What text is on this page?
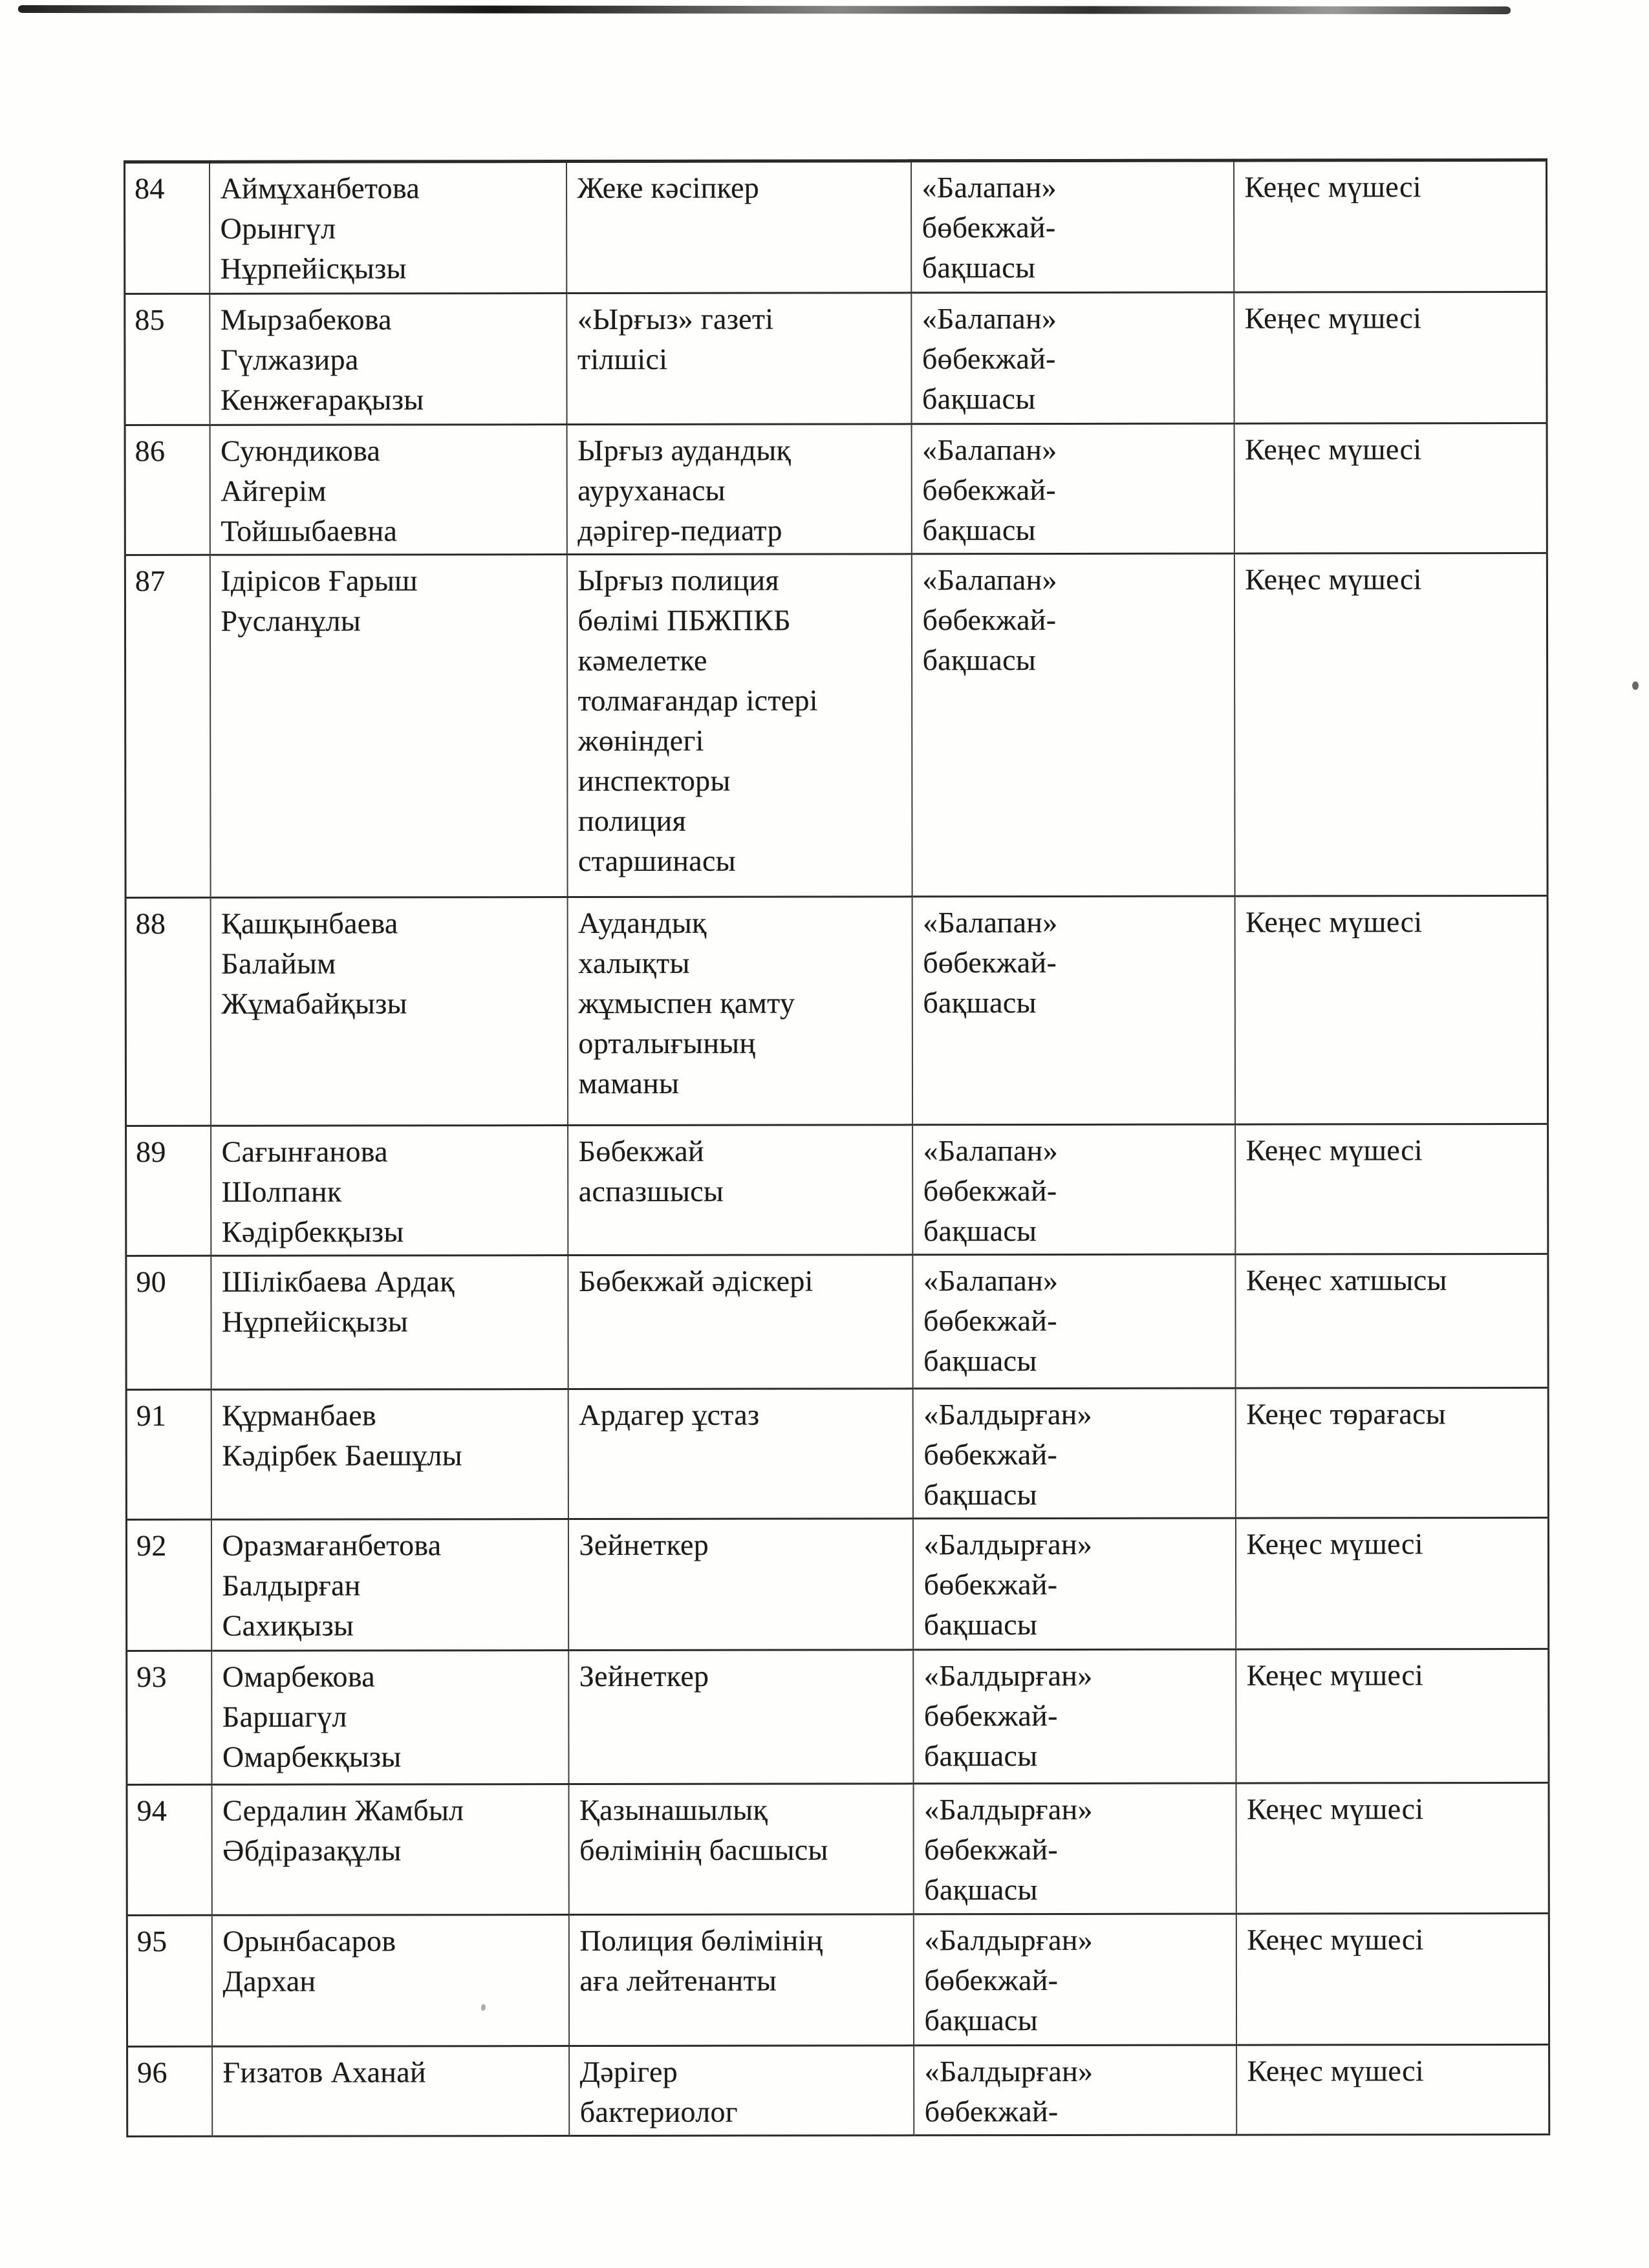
84	Аймұханбетова
Орынгүл
Нұрпейісқызы	Жеке кәсіпкер	«Балапан»
бөбекжай-
бақшасы	Кеңес мүшесі
85	Мырзабекова
Гүлжазира
Кенжеғарақызы	«Ырғыз» газеті
тілшісі	«Балапан»
бөбекжай-
бақшасы	Кеңес мүшесі
86	Суюндикова
Айгерім
Тойшыбаевна	Ырғыз аудандық
ауруханасы
дәрігер-педиатр	«Балапан»
бөбекжай-
бақшасы	Кеңес мүшесі
87	Ідірісов Ғарыш
Русланұлы	Ырғыз полиция
бөлімі ПБЖПКБ
кәмелетке
толмағандар істері
жөніндегі
инспекторы
полиция
старшинасы	«Балапан»
бөбекжай-
бақшасы	Кеңес мүшесі
88	Қашқынбаева
Балайым
Жұмабайқызы	Аудандық
халықты
жұмыспен қамту
орталығының
маманы	«Балапан»
бөбекжай-
бақшасы	Кеңес мүшесі
89	Сағынғанова
Шолпанк
Кәдірбекқызы	Бөбекжай
аспазшысы	«Балапан»
бөбекжай-
бақшасы	Кеңес мүшесі
90	Шілікбаева Ардақ
Нұрпейісқызы	Бөбекжай әдіскері	«Балапан»
бөбекжай-
бақшасы	Кеңес хатшысы
91	Құрманбаев
Кәдірбек Баешұлы	Ардагер ұстаз	«Балдырған»
бөбекжай-
бақшасы	Кеңес төрағасы
92	Оразмағанбетова
Балдырған
Сахиқызы	Зейнеткер	«Балдырған»
бөбекжай-
бақшасы	Кеңес мүшесі
93	Омарбекова
Баршагүл
Омарбекқызы	Зейнеткер	«Балдырған»
бөбекжай-
бақшасы	Кеңес мүшесі
94	Сердалин Жамбыл
Әбдіразақұлы	Қазынашылық
бөлімінің басшысы	«Балдырған»
бөбекжай-
бақшасы	Кеңес мүшесі
95	Орынбасаров
Дархан	Полиция бөлімінің
аға лейтенанты	«Балдырған»
бөбекжай-
бақшасы	Кеңес мүшесі
96	Ғизатов Аханай	Дәрігер
бактериолог	«Балдырған»
бөбекжай-	Кеңес мүшесі
